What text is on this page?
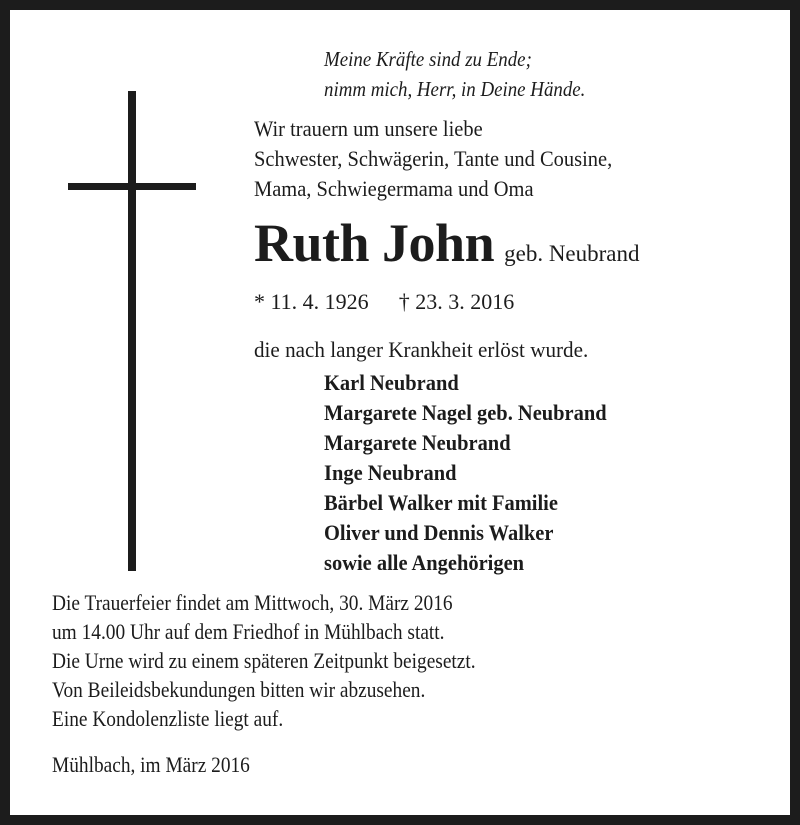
Meine Kräfte sind zu Ende;
nimm mich, Herr, in Deine Hände.
Wir trauern um unsere liebe
Schwester, Schwägerin, Tante und Cousine,
Mama, Schwiegermama und Oma
Ruth John geb. Neubrand
* 11. 4. 1926 † 23. 3. 2016
die nach langer Krankheit erlöst wurde.
Karl Neubrand
Margarete Nagel geb. Neubrand
Margarete Neubrand
Inge Neubrand
Bärbel Walker mit Familie
Oliver und Dennis Walker
sowie alle Angehörigen
Die Trauerfeier findet am Mittwoch, 30. März 2016
um 14.00 Uhr auf dem Friedhof in Mühlbach statt.
Die Urne wird zu einem späteren Zeitpunkt beigesetzt.
Von Beileidsbekundungen bitten wir abzusehen.
Eine Kondolenzliste liegt auf.
Mühlbach, im März 2016
